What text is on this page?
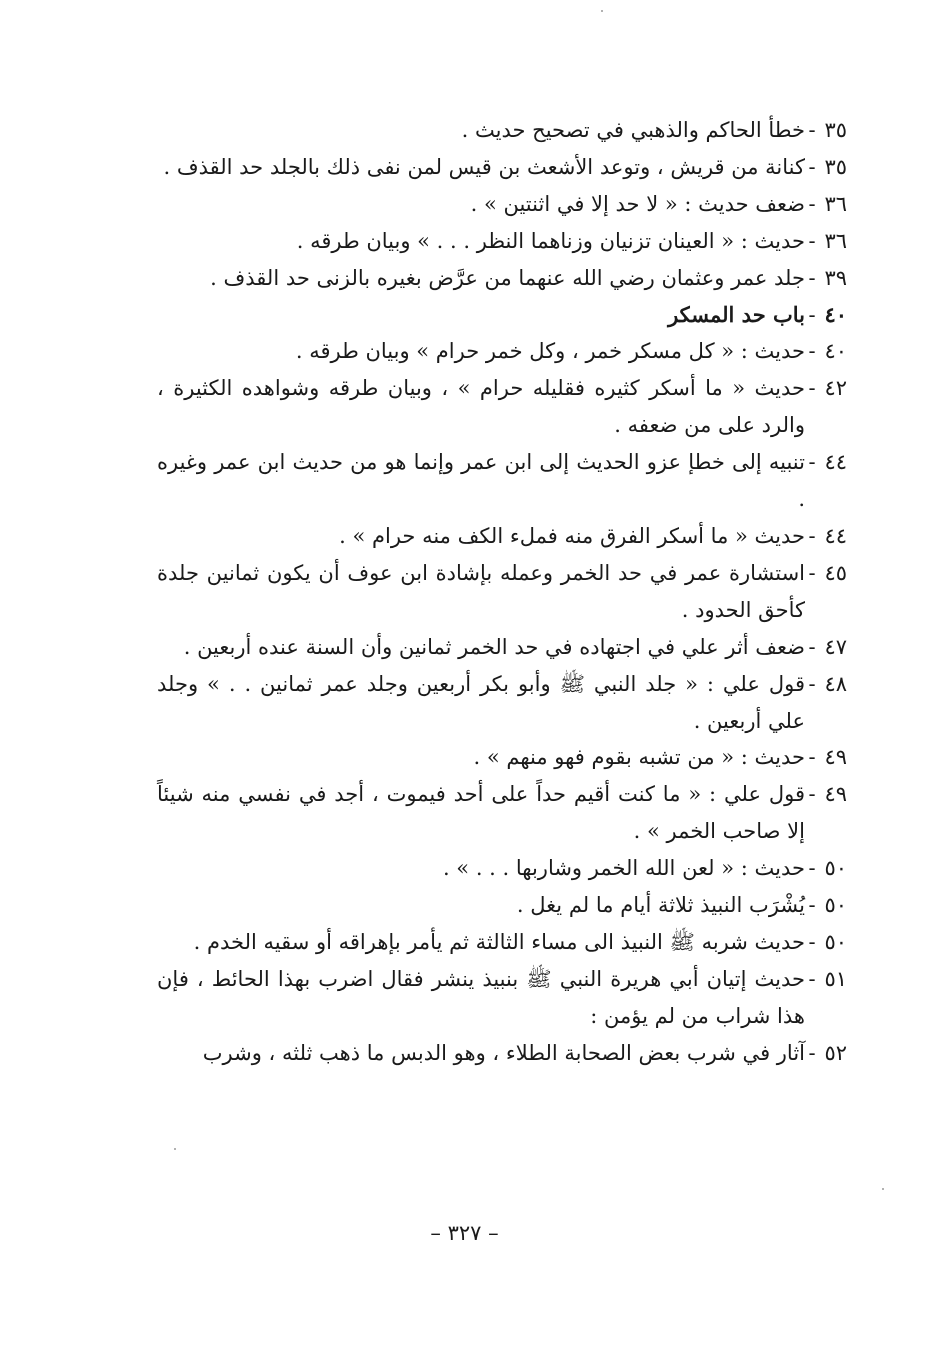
٣٥
-
خطأ الحاكم والذهبي في تصحيح حديث .
٣٥
-
كنانة من قريش ، وتوعد الأشعث بن قيس لمن نفى ذلك بالجلد حد القذف .
٣٦
-
ضعف حديث : « لا حد إلا في اثنتين » .
٣٦
-
حديث : « العينان تزنيان وزناهما النظر . . . » وبيان طرقه .
٣٩
-
جلد عمر وعثمان رضي الله عنهما من عرَّض بغيره بالزنى حد القذف .
٤٠
-
باب حد المسكر
٤٠
-
حديث : « كل مسكر خمر ، وكل خمر حرام » وبيان طرقه .
٤٢
-
حديث « ما أسكر كثيره فقليله حرام » ، وبيان طرقه وشواهده الكثيرة ، والرد على من ضعفه .
٤٤
-
تنبيه إلى خطإ عزو الحديث إلى ابن عمر وإنما هو من حديث ابن عمر وغيره .
٤٤
-
حديث « ما أسكر الفرق منه فملء الكف منه حرام » .
٤٥
-
استشارة عمر في حد الخمر وعمله بإشادة ابن عوف أن يكون ثمانين جلدة كأحق الحدود .
٤٧
-
ضعف أثر علي في اجتهاده في حد الخمر ثمانين وأن السنة عنده أربعين .
٤٨
-
قول علي : « جلد النبي ﷺ وأبو بكر أربعين وجلد عمر ثمانين . . » وجلد علي أربعين .
٤٩
-
حديث : « من تشبه بقوم فهو منهم » .
٤٩
-
قول علي : « ما كنت أقيم حداً على أحد فيموت ، أجد في نفسي منه شيئاً إلا صاحب الخمر » .
٥٠
-
حديث : « لعن الله الخمر وشاربها . . . » .
٥٠
-
يُشْرَب النبيذ ثلاثة أيام ما لم يغل .
٥٠
-
حديث شربه ﷺ النبيذ الى مساء الثالثة ثم يأمر بإهراقه أو سقيه الخدم .
٥١
-
حديث إتيان أبي هريرة النبي ﷺ بنبيذ ينشر فقال اضرب بهذا الحائط ، فإن هذا شراب من لم يؤمن :
٥٢
-
آثار في شرب بعض الصحابة الطلاء ، وهو الدبس ما ذهب ثلثه ، وشرب
– ٣٢٧ –
